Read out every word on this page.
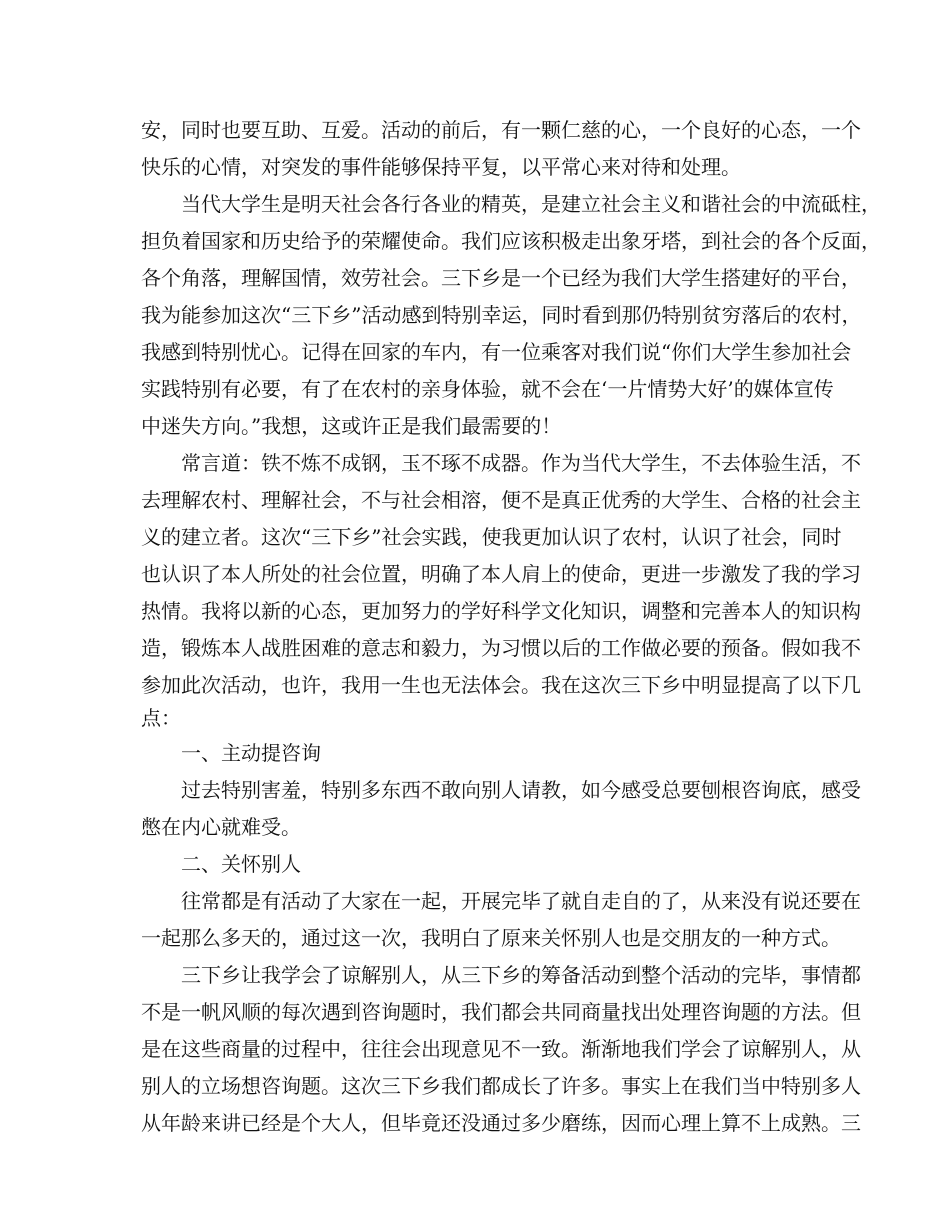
安，同时也要互助、互爱。活动的前后，有一颗仁慈的心，一个良好的心态，一个
快乐的心情，对突发的事件能够保持平复，以平常心来对待和处理。
当代大学生是明天社会各行各业的精英，是建立社会主义和谐社会的中流砥柱，
担负着国家和历史给予的荣耀使命。我们应该积极走出象牙塔，到社会的各个反面，
各个角落，理解国情，效劳社会。三下乡是一个已经为我们大学生搭建好的平台，
我为能参加这次“三下乡”活动感到特别幸运，同时看到那仍特别贫穷落后的农村，
我感到特别忧心。记得在回家的车内，有一位乘客对我们说“你们大学生参加社会
实践特别有必要，有了在农村的亲身体验，就不会在‘一片情势大好’的媒体宣传
中迷失方向。”我想，这或许正是我们最需要的！
常言道：铁不炼不成钢，玉不琢不成器。作为当代大学生，不去体验生活，不
去理解农村、理解社会，不与社会相溶，便不是真正优秀的大学生、合格的社会主
义的建立者。这次“三下乡”社会实践，使我更加认识了农村，认识了社会，同时
也认识了本人所处的社会位置，明确了本人肩上的使命，更进一步激发了我的学习
热情。我将以新的心态，更加努力的学好科学文化知识，调整和完善本人的知识构
造，锻炼本人战胜困难的意志和毅力，为习惯以后的工作做必要的预备。假如我不
参加此次活动，也许，我用一生也无法体会。我在这次三下乡中明显提高了以下几
点：
一、主动提咨询
过去特别害羞，特别多东西不敢向别人请教，如今感受总要刨根咨询底，感受
憋在内心就难受。
二、关怀别人
往常都是有活动了大家在一起，开展完毕了就自走自的了，从来没有说还要在
一起那么多天的，通过这一次，我明白了原来关怀别人也是交朋友的一种方式。
三下乡让我学会了谅解别人，从三下乡的筹备活动到整个活动的完毕，事情都
不是一帆风顺的每次遇到咨询题时，我们都会共同商量找出处理咨询题的方法。但
是在这些商量的过程中，往往会出现意见不一致。渐渐地我们学会了谅解别人，从
别人的立场想咨询题。这次三下乡我们都成长了许多。事实上在我们当中特别多人
从年龄来讲已经是个大人，但毕竟还没通过多少磨练，因而心理上算不上成熟。三
